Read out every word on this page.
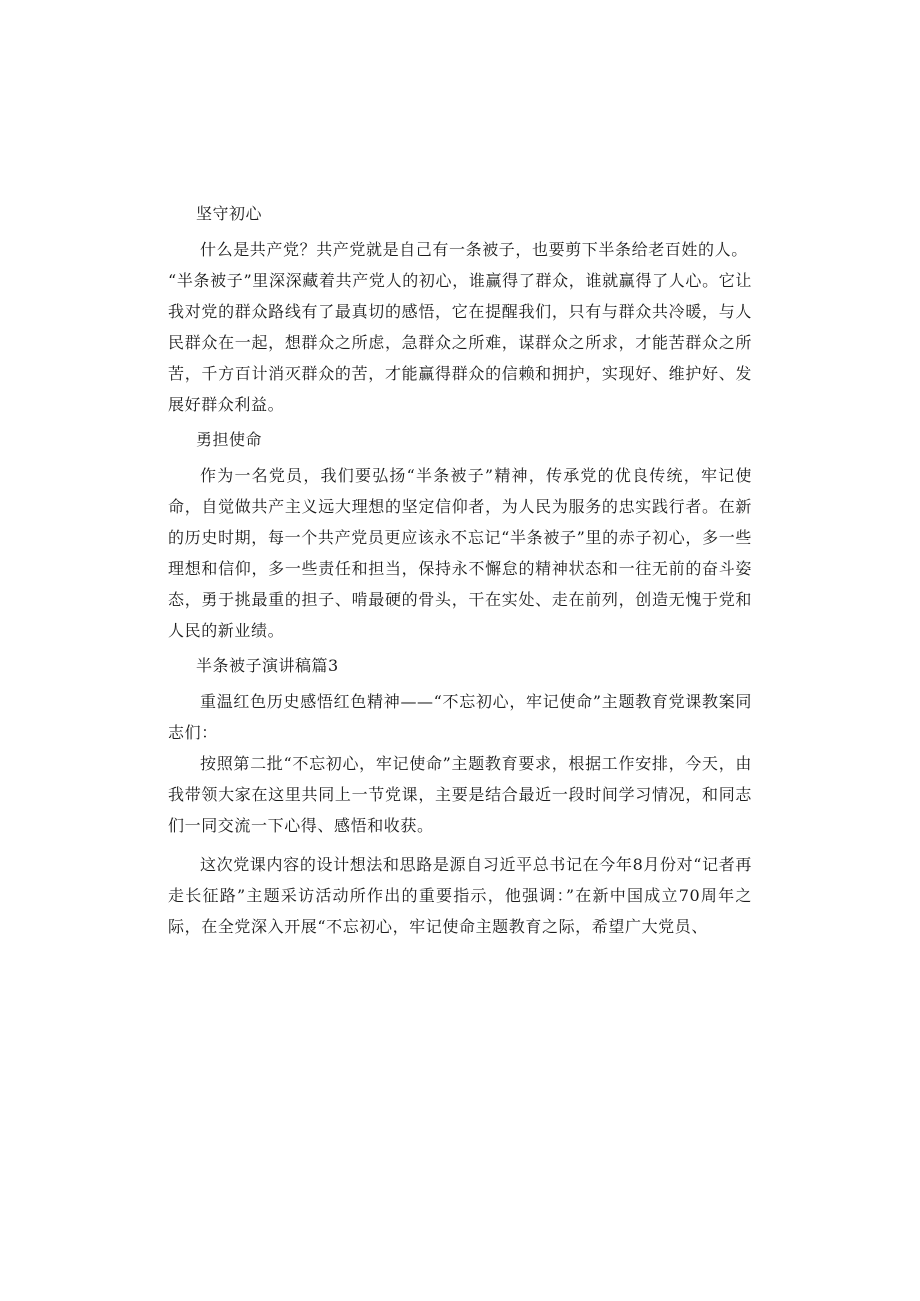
坚守初心
什么是共产党？共产党就是自己有一条被子，也要剪下半条给老百姓的人。
“半条被子”里深深藏着共产党人的初心，谁赢得了群众，谁就赢得了人心。它让我对党的群众路线有了最真切的感悟，它在提醒我们，只有与群众共冷暖，与人民群众在一起，想群众之所虑，急群众之所难，谋群众之所求，才能苦群众之所苦，千方百计消灭群众的苦，才能赢得群众的信赖和拥护，实现好、维护好、发展好群众利益。
勇担使命
作为一名党员，我们要弘扬“半条被子”精神，传承党的优良传统，牢记使命，自觉做共产主义远大理想的坚定信仰者，为人民为服务的忠实践行者。在新的历史时期，每一个共产党员更应该永不忘记“半条被子”里的赤子初心，多一些理想和信仰，多一些责任和担当，保持永不懈怠的精神状态和一往无前的奋斗姿态，勇于挑最重的担子、啃最硬的骨头，干在实处、走在前列，创造无愧于党和人民的新业绩。
半条被子演讲稿篇3
重温红色历史感悟红色精神——“不忘初心，牢记使命”主题教育党课教案同志们：
按照第二批“不忘初心，牢记使命”主题教育要求，根据工作安排，今天，由我带领大家在这里共同上一节党课，主要是结合最近一段时间学习情况，和同志们一同交流一下心得、感悟和收获。
这次党课内容的设计想法和思路是源自习近平总书记在今年8月份对“记者再走长征路”主题采访活动所作出的重要指示，他强调：”在新中国成立70周年之际，在全党深入开展“不忘初心，牢记使命主题教育之际，希望广大党员、
